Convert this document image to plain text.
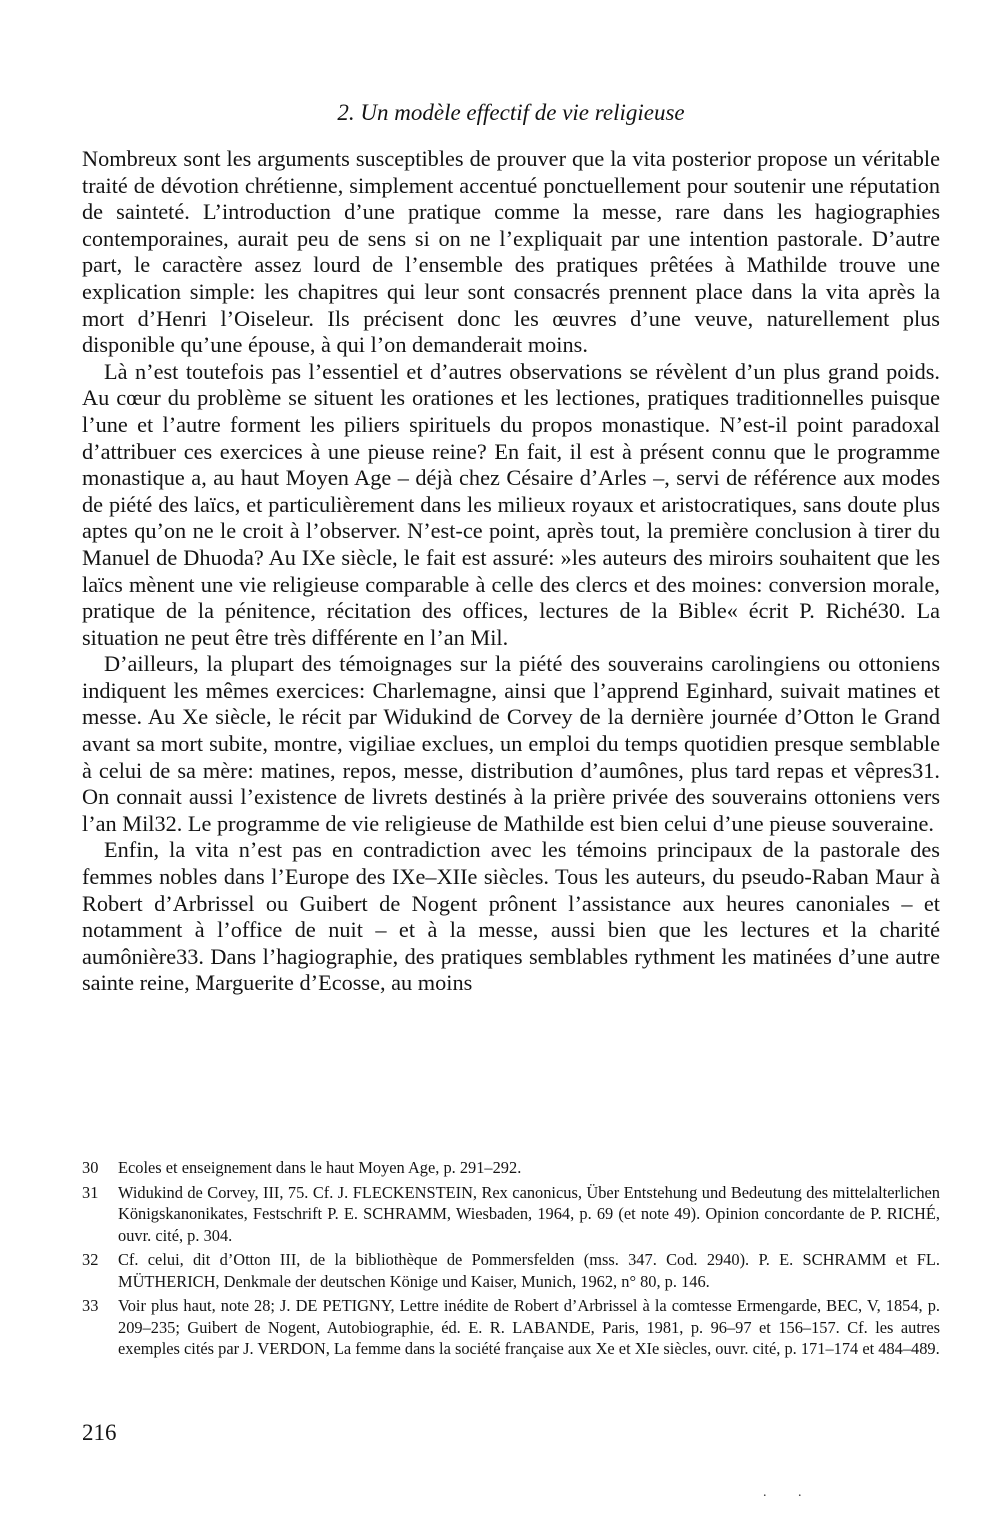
2. Un modèle effectif de vie religieuse

Nombreux sont les arguments susceptibles de prouver que la vita posterior propose un véritable traité de dévotion chrétienne, simplement accentué ponctuellement pour soutenir une réputation de sainteté. L’introduction d’une pratique comme la messe, rare dans les hagiographies contemporaines, aurait peu de sens si on ne l’expliquait par une intention pastorale. D’autre part, le caractère assez lourd de l’ensemble des pratiques prêtées à Mathilde trouve une explication simple: les chapitres qui leur sont consacrés prennent place dans la vita après la mort d’Henri l’Oiseleur. Ils précisent donc les œuvres d’une veuve, naturellement plus disponible qu’une épouse, à qui l’on demanderait moins.

Là n’est toutefois pas l’essentiel et d’autres observations se révèlent d’un plus grand poids. Au cœur du problème se situent les orationes et les lectiones, pratiques traditionnelles puisque l’une et l’autre forment les piliers spirituels du propos monastique. N’est-il point paradoxal d’attribuer ces exercices à une pieuse reine? En fait, il est à présent connu que le programme monastique a, au haut Moyen Age – déjà chez Césaire d’Arles –, servi de référence aux modes de piété des laïcs, et particulièrement dans les milieux royaux et aristocratiques, sans doute plus aptes qu’on ne le croit à l’observer. N’est-ce point, après tout, la première conclusion à tirer du Manuel de Dhuoda? Au IXe siècle, le fait est assuré: »les auteurs des miroirs souhaitent que les laïcs mènent une vie religieuse comparable à celle des clercs et des moines: conversion morale, pratique de la pénitence, récitation des offices, lectures de la Bible« écrit P. Riché30. La situation ne peut être très différente en l’an Mil.

D’ailleurs, la plupart des témoignages sur la piété des souverains carolingiens ou ottoniens indiquent les mêmes exercices: Charlemagne, ainsi que l’apprend Eginhard, suivait matines et messe. Au Xe siècle, le récit par Widukind de Corvey de la dernière journée d’Otton le Grand avant sa mort subite, montre, vigiliae exclues, un emploi du temps quotidien presque semblable à celui de sa mère: matines, repos, messe, distribution d’aumônes, plus tard repas et vêpres31. On connait aussi l’existence de livrets destinés à la prière privée des souverains ottoniens vers l’an Mil32. Le programme de vie religieuse de Mathilde est bien celui d’une pieuse souveraine.

Enfin, la vita n’est pas en contradiction avec les témoins principaux de la pastorale des femmes nobles dans l’Europe des IXe–XIIe siècles. Tous les auteurs, du pseudo-Raban Maur à Robert d’Arbrissel ou Guibert de Nogent prônent l’assistance aux heures canoniales – et notamment à l’office de nuit – et à la messe, aussi bien que les lectures et la charité aumônière33. Dans l’hagiographie, des pratiques semblables rythment les matinées d’une autre sainte reine, Marguerite d’Ecosse, au moins

30 Ecoles et enseignement dans le haut Moyen Age, p. 291–292.
31 Widukind de Corvey, III, 75. Cf. J. FLECKENSTEIN, Rex canonicus, Über Entstehung und Bedeutung des mittelalterlichen Königskanonikates, Festschrift P. E. SCHRAMM, Wiesbaden, 1964, p. 69 (et note 49). Opinion concordante de P. RICHÉ, ouvr. cité, p. 304.
32 Cf. celui, dit d’Otton III, de la bibliothèque de Pommersfelden (mss. 347. Cod. 2940). P. E. SCHRAMM et FL. MÜTHERICH, Denkmale der deutschen Könige und Kaiser, Munich, 1962, n° 80, p. 146.
33 Voir plus haut, note 28; J. DE PETIGNY, Lettre inédite de Robert d’Arbrissel à la comtesse Ermengarde, BEC, V, 1854, p. 209–235; Guibert de Nogent, Autobiographie, éd. E. R. LABANDE, Paris, 1981, p. 96–97 et 156–157. Cf. les autres exemples cités par J. VERDON, La femme dans la société française aux Xe et XIe siècles, ouvr. cité, p. 171–174 et 484–489.
216
. .
